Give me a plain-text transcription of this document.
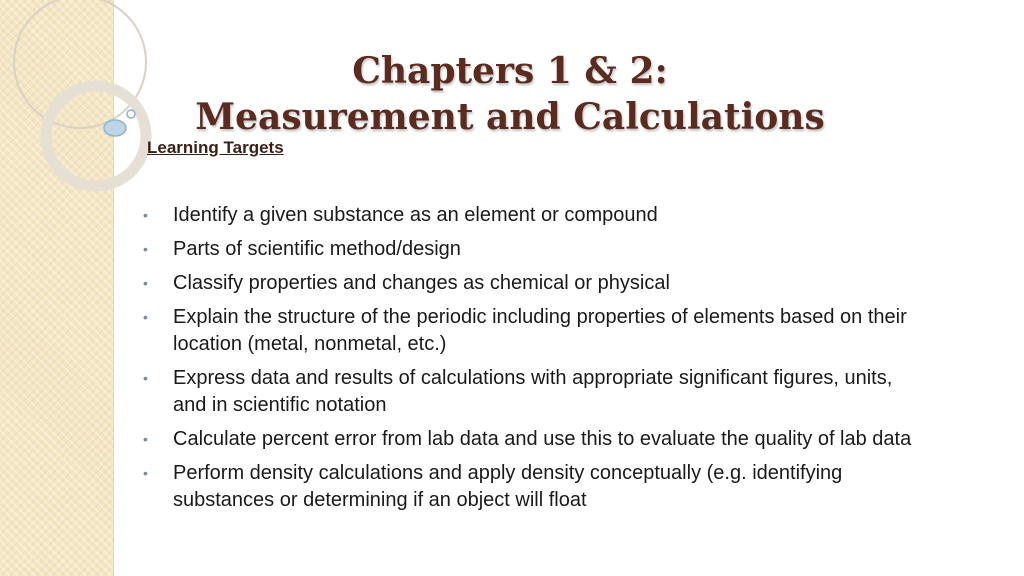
Chapters 1 & 2:
Measurement and Calculations
Learning Targets
• Identify a given substance as an element or compound
• Parts of scientific method/design
• Classify properties and changes as chemical or physical
• Explain the structure of the periodic including properties of elements based on their location (metal, nonmetal, etc.)
• Express data and results of calculations with appropriate significant figures, units, and in scientific notation
• Calculate percent error from lab data and use this to evaluate the quality of lab data
• Perform density calculations and apply density conceptually (e.g. identifying substances or determining if an object will float
